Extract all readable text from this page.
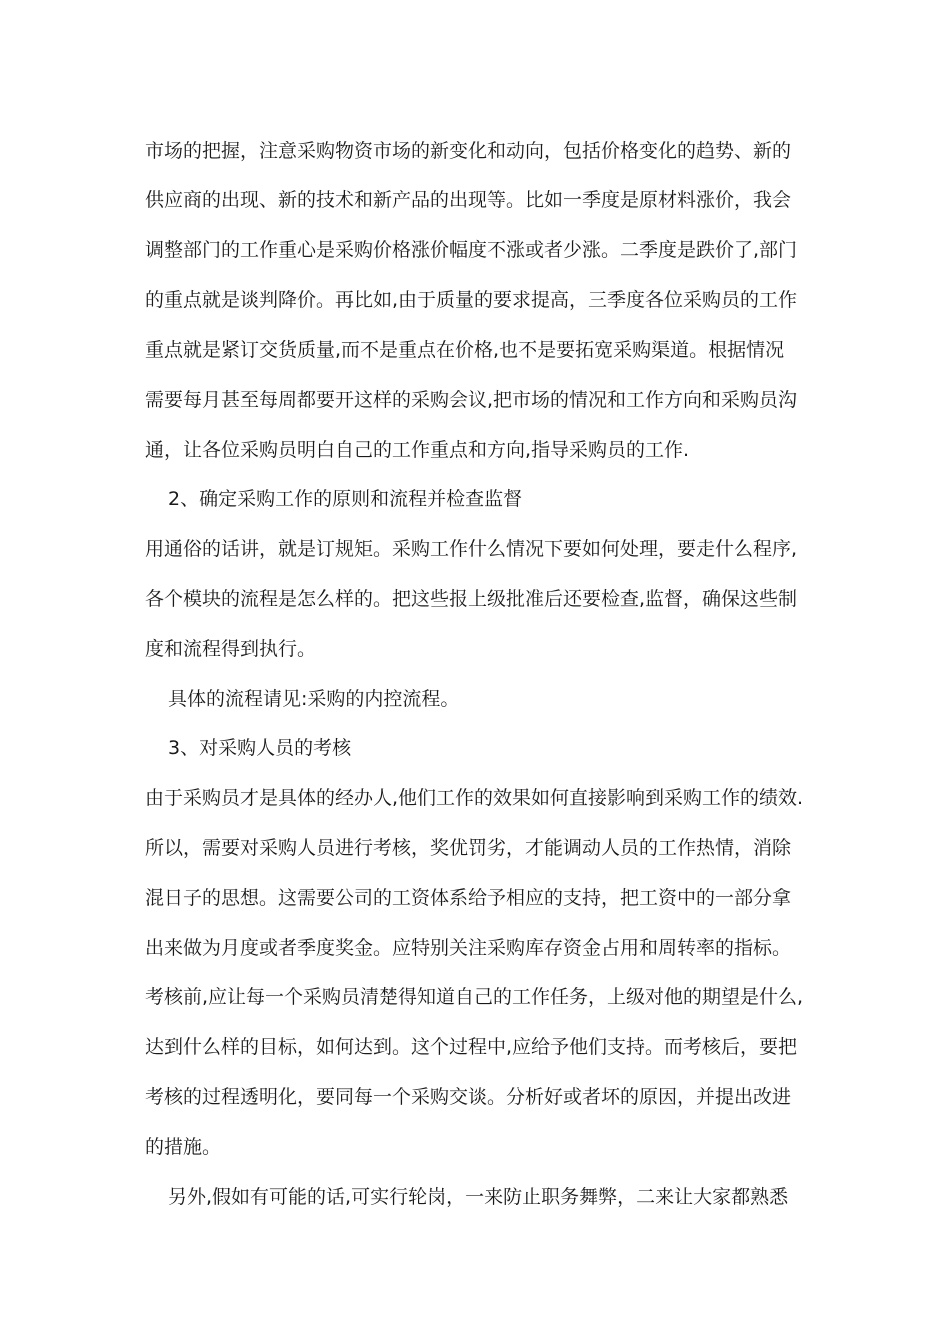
市场的把握，注意采购物资市场的新变化和动向，包括价格变化的趋势、新的
供应商的出现、新的技术和新产品的出现等。比如一季度是原材料涨价，我会
调整部门的工作重心是采购价格涨价幅度不涨或者少涨。二季度是跌价了,部门
的重点就是谈判降价。再比如,由于质量的要求提高，三季度各位采购员的工作
重点就是紧订交货质量,而不是重点在价格,也不是要拓宽采购渠道。根据情况
需要每月甚至每周都要开这样的采购会议,把市场的情况和工作方向和采购员沟
通，让各位采购员明白自己的工作重点和方向,指导采购员的工作.
2、确定采购工作的原则和流程并检查监督
用通俗的话讲，就是订规矩。采购工作什么情况下要如何处理，要走什么程序,
各个模块的流程是怎么样的。把这些报上级批准后还要检查,监督，确保这些制
度和流程得到执行。
具体的流程请见:采购的内控流程。
3、对采购人员的考核
由于采购员才是具体的经办人,他们工作的效果如何直接影响到采购工作的绩效.
所以，需要对采购人员进行考核，奖优罚劣，才能调动人员的工作热情，消除
混日子的思想。这需要公司的工资体系给予相应的支持，把工资中的一部分拿
出来做为月度或者季度奖金。应特别关注采购库存资金占用和周转率的指标。
考核前,应让每一个采购员清楚得知道自己的工作任务，上级对他的期望是什么,
达到什么样的目标，如何达到。这个过程中,应给予他们支持。而考核后，要把
考核的过程透明化，要同每一个采购交谈。分析好或者坏的原因，并提出改进
的措施。
另外,假如有可能的话,可实行轮岗，一来防止职务舞弊，二来让大家都熟悉
